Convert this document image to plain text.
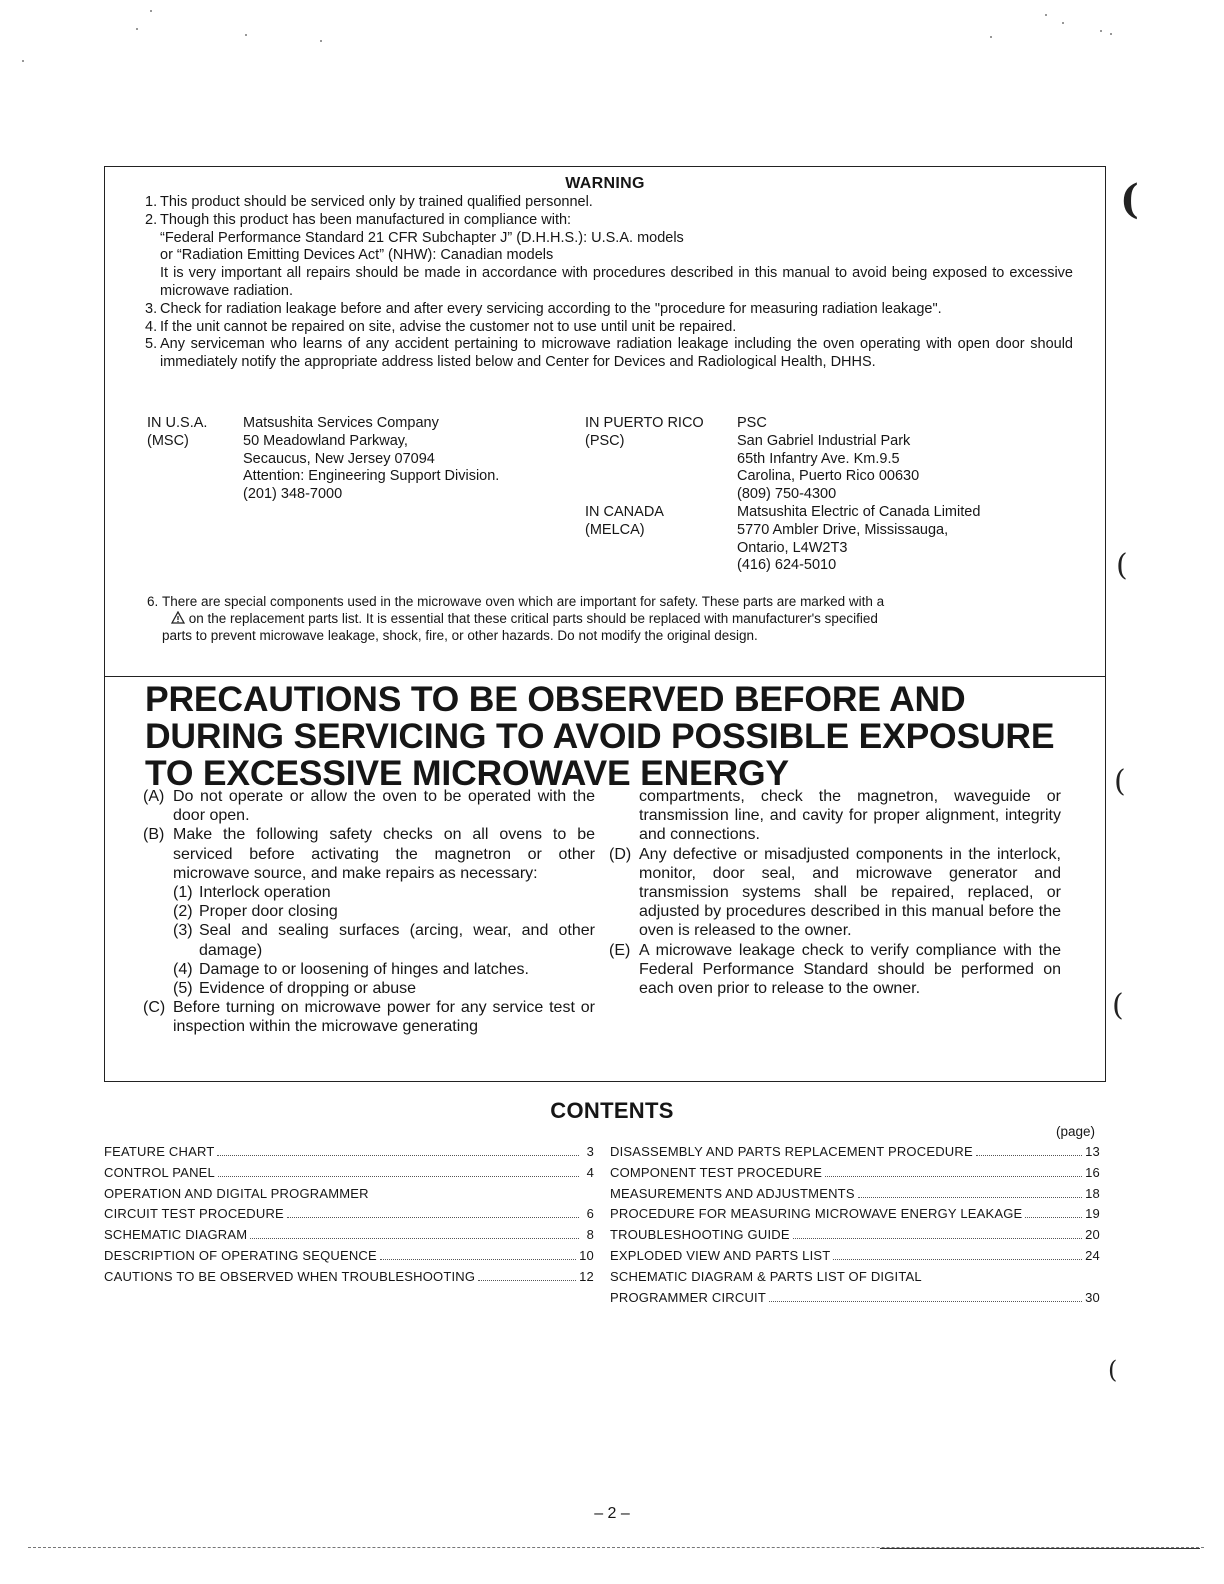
(
(
(
(
(
WARNING
1. This product should be serviced only by trained qualified personnel.
2. Though this product has been manufactured in compliance with:
“Federal Performance Standard 21 CFR Subchapter J” (D.H.H.S.): U.S.A. models
or “Radiation Emitting Devices Act” (NHW): Canadian models
It is very important all repairs should be made in accordance with procedures described in this manual to avoid being exposed to excessive microwave radiation.
3. Check for radiation leakage before and after every servicing according to the "procedure for measuring radiation leakage".
4. If the unit cannot be repaired on site, advise the customer not to use until unit be repaired.
5. Any serviceman who learns of any accident pertaining to microwave radiation leakage including the oven operating with open door should immediately notify the appropriate address listed below and Center for Devices and Radiological Health, DHHS.
IN U.S.A.
(MSC)
Matsushita Services Company
50 Meadowland Parkway,
Secaucus, New Jersey 07094
Attention: Engineering Support Division.
(201) 348-7000
IN PUERTO RICO
(PSC)
PSC
San Gabriel Industrial Park
65th Infantry Ave. Km.9.5
Carolina, Puerto Rico 00630
(809) 750-4300
IN CANADA
(MELCA)
Matsushita Electric of Canada Limited
5770 Ambler Drive, Mississauga,
Ontario, L4W2T3
(416) 624-5010
6. There are special components used in the microwave oven which are important for safety. These parts are marked with a
on the replacement parts list. It is essential that these critical parts should be replaced with manufacturer's specified
parts to prevent microwave leakage, shock, fire, or other hazards. Do not modify the original design.
PRECAUTIONS TO BE OBSERVED BEFORE AND
DURING SERVICING TO AVOID POSSIBLE EXPOSURE
TO EXCESSIVE MICROWAVE ENERGY
(A) Do not operate or allow the oven to be operated with the door open.
(B) Make the following safety checks on all ovens to be serviced before activating the magnetron or other microwave source, and make repairs as necessary:
(1) Interlock operation
(2) Proper door closing
(3) Seal and sealing surfaces (arcing, wear, and other damage)
(4) Damage to or loosening of hinges and latches.
(5) Evidence of dropping or abuse
(C) Before turning on microwave power for any service test or inspection within the microwave generating
compartments, check the magnetron, waveguide or transmission line, and cavity for proper alignment, integrity and connections.
(D) Any defective or misadjusted components in the interlock, monitor, door seal, and microwave generator and transmission systems shall be repaired, replaced, or adjusted by procedures described in this manual before the oven is released to the owner.
(E) A microwave leakage check to verify compliance with the Federal Performance Standard should be performed on each oven prior to release to the owner.
CONTENTS
(page)
FEATURE CHART	3
CONTROL PANEL	4
OPERATION AND DIGITAL PROGRAMMER
CIRCUIT TEST PROCEDURE	6
SCHEMATIC DIAGRAM	8
DESCRIPTION OF OPERATING SEQUENCE	10
CAUTIONS TO BE OBSERVED WHEN TROUBLESHOOTING	12
DISASSEMBLY AND PARTS REPLACEMENT PROCEDURE	13
COMPONENT TEST PROCEDURE	16
MEASUREMENTS AND ADJUSTMENTS	18
PROCEDURE FOR MEASURING MICROWAVE ENERGY LEAKAGE	19
TROUBLESHOOTING GUIDE	20
EXPLODED VIEW AND PARTS LIST	24
SCHEMATIC DIAGRAM & PARTS LIST OF DIGITAL
PROGRAMMER CIRCUIT	30
– 2 –
